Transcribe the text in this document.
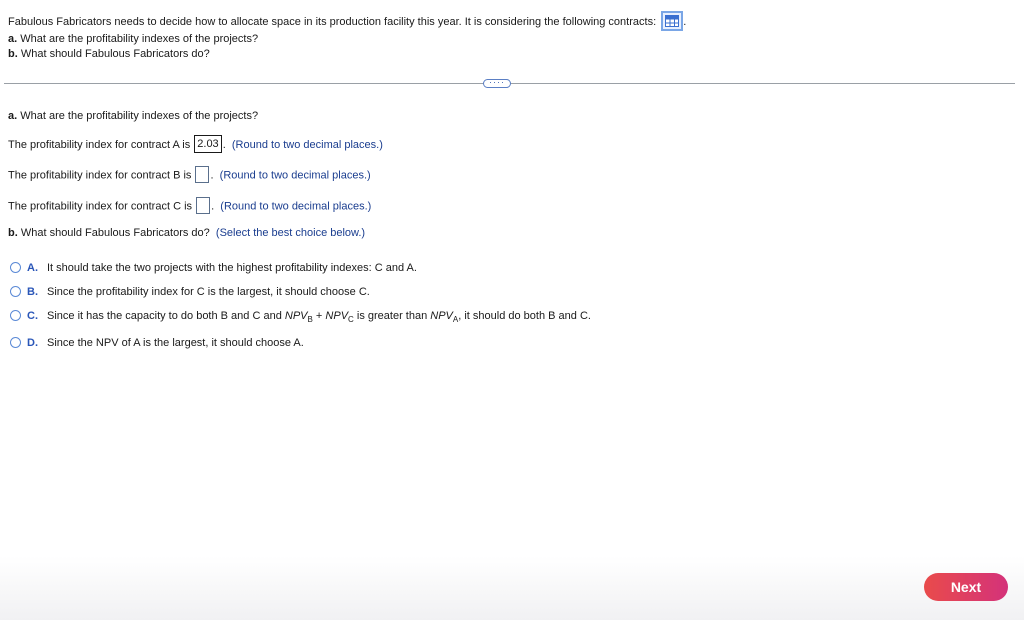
Fabulous Fabricators needs to decide how to allocate space in its production facility this year. It is considering the following contracts: .
a. What are the profitability indexes of the projects?
b. What should Fabulous Fabricators do?
····
a. What are the profitability indexes of the projects?
The profitability index for contract A is 2.03 . (Round to two decimal places.)
The profitability index for contract B is . (Round to two decimal places.)
The profitability index for contract C is . (Round to two decimal places.)
b. What should Fabulous Fabricators do? (Select the best choice below.)
A. It should take the two projects with the highest profitability indexes: C and A.
B. Since the profitability index for C is the largest, it should choose C.
C. Since it has the capacity to do both B and C and $NPV_B + NPV_C$ is greater than $NPV_A$, it should do both B and C.
D. Since the NPV of A is the largest, it should choose A.
Next
